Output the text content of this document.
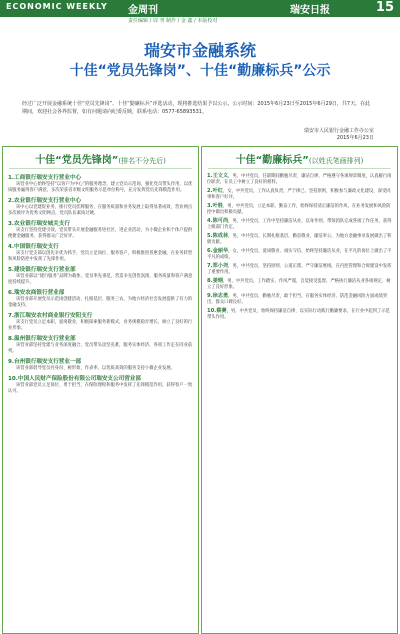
ECONOMIC WEEKLY 金周刊	瑞安日报	15
责任编辑 / 周 刊 制作 / 金 鑫 / 本版校对
瑞安市金融系统
十佳“党员先锋岗”、十佳“勤廉标兵”公示
经过广泛开展金融系统十佳“党员先锋岗”、十佳“勤廉标兵”评选活动，现将推选结果予以公示。公示时间：2015年6月23日至2015年6月29日，共7天。在此期间，欢迎社会各界监督，如有问题请向纪委反映，联系电话：0577-65893531。
瑞安市人民银行金融工作办公室
2015年6月23日
十佳“党员先锋岗”(排名不分先后)
1.工商银行瑞安支行营业中心

该营业中心始终坚持“以客户为中心”的服务理念，建立党员示范岗，强化党员带头作用，以优质服务赢得客户满意，多次荣获省市级文明服务示范单位称号，充分发挥党员先锋模范作用。

2.农业银行瑞安支行营业中心

该中心以党建促业务，推行党员挂牌服务，在服务质量和业务发展上取得显著成效，营业网点多次被评为优秀文明网点，党员队伍素质过硬。

3.农业银行瑞安城关支行

该支行坚持党建引领，党员带头开展金融服务进社区、进企业活动，为小微企业和个体户提供便捷金融服务，获得群众广泛好评。

4.中国银行瑞安支行

该支行党支部以创先争优为抓手，党员立足岗位、服务客户，积极推进普惠金融，在业务转型和风险防控中发挥了先锋作用。

5.建设银行瑞安支行营业部

该营业部以“建行服务”品牌为载体，党员率先垂范，营造争先创优氛围，服务质量和客户满意度持续提升。

6.瑞安农商银行营业部

该营业部开展党员示范岗创建活动，扎根基层、服务三农，为地方经济社会发展提供了有力的金融支持。

7.浙江瑞安农村商业银行安阳支行

该支行党员立足本职、爱岗敬业，积极探索服务新模式，业务规模稳步增长，树立了良好的行业形象。

8.温州银行瑞安支行营业部

该营业部坚持党建与业务深度融合，党员带头攻坚克难，服务实体经济，各项工作走在同业前列。

9.台州银行瑞安支行营业一部

该营业部倡导党员亮身份、树形象、作表率，以优质高效的服务支持小微企业发展。

10.中国人民财产保险股份有限公司瑞安支公司营业部

该营业部党员立足岗位、勇于担当，在保险理赔和服务中发挥了先锋模范作用，获得客户一致认可。

十佳“勤廉标兵”(以姓氏笔画排列)

1.王文义，男，中共党员，任职期间勤勉尽责、廉洁自律，严格遵守各项规章制度，认真履行岗位职责，在员工中树立了良好的榜样。

2.叶红，女，中共党员，工作认真负责，严于律己，坚持原则，积极参与廉政文化建设，深受同事和客户好评。

3.叶胜，男，中共党员，立足本职、勤奋工作，始终保持清正廉洁的作风，在业务发展和风险防控中做出积极贡献。

4.陈可尚，男，中共党员，工作中坚持廉洁从业，以身作则，带领团队完成各项工作任务，获得上级部门肯定。

5.陈成林，男，中共党员，长期扎根基层，勤恳敬业，廉洁奉公，为地方金融事业发展做出了积极贡献。

6.金丽华，女，中共党员，爱岗敬业、诚实守信，始终坚持廉洁从业，在平凡的岗位上做出了不平凡的成绩。

7.郑小尧，男，中共党员，坚持原则、公道正派，严守廉洁底线，在内控管理和合规建设中发挥了重要作用。

8.姜钢，男，中共党员，工作踏实、作风严谨，自觉接受监督，严格执行廉洁从业各项规定，树立了良好形象。

9.徐志勇，男，中共党员，勤勉尽责，敢于担当，在服务实体经济、防范金融风险方面成绩突出，群众口碑良好。

10.蔡赛，男，中共党员，始终保持廉洁自律，以实际行动践行勤廉要求，在行业中起到了示范带头作用。
